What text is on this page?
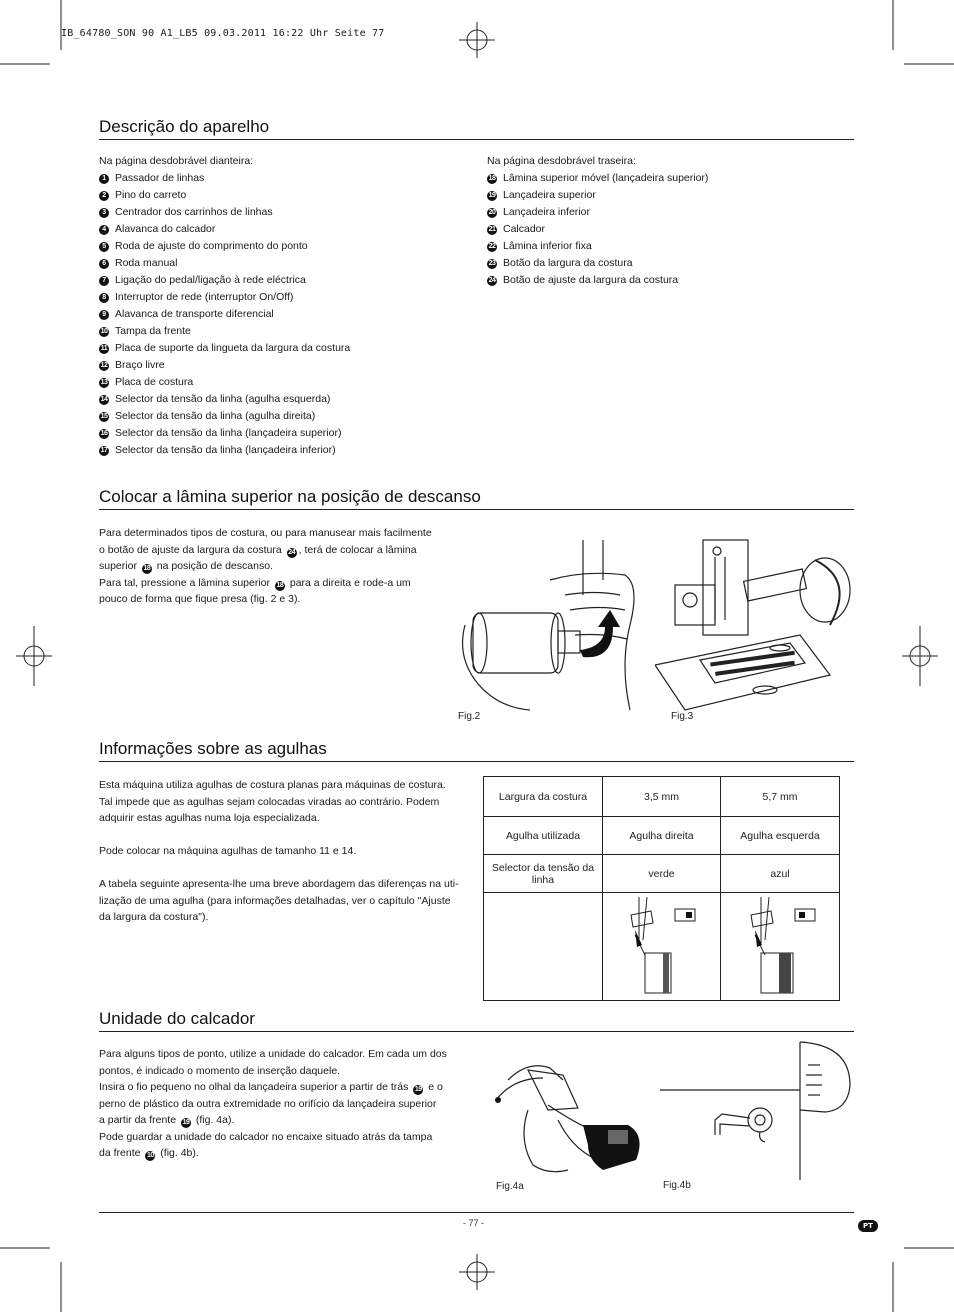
IB_64780_SON 90 A1_LB5 09.03.2011 16:22 Uhr Seite 77
Descrição do aparelho
Na página desdobrável dianteira:
1 Passador de linhas
2 Pino do carreto
3 Centrador dos carrinhos de linhas
4 Alavanca do calcador
5 Roda de ajuste do comprimento do ponto
6 Roda manual
7 Ligação do pedal/ligação à rede eléctrica
8 Interruptor de rede (interruptor On/Off)
9 Alavanca de transporte diferencial
10 Tampa da frente
11 Placa de suporte da lingueta da largura da costura
12 Braço livre
13 Placa de costura
14 Selector da tensão da linha (agulha esquerda)
15 Selector da tensão da linha (agulha direita)
16 Selector da tensão da linha (lançadeira superior)
17 Selector da tensão da linha (lançadeira inferior)
Na página desdobrável traseira:
18 Lâmina superior móvel (lançadeira superior)
19 Lançadeira superior
20 Lançadeira inferior
21 Calcador
22 Lâmina inferior fixa
23 Botão da largura da costura
24 Botão de ajuste da largura da costura
Colocar a lâmina superior na posição de descanso
Para determinados tipos de costura, ou para manusear mais facilmente
o botão de ajuste da largura da costura 24 , terá de colocar a lâmina
superior 18 na posição de descanso.
Para tal, pressione a lâmina superior 18 para a direita e rode-a um
pouco de forma que fique presa (fig. 2 e 3).
Fig.2	Fig.3
Informações sobre as agulhas
Esta máquina utiliza agulhas de costura planas para máquinas de costura.
Tal impede que as agulhas sejam colocadas viradas ao contrário. Podem
adquirir estas agulhas numa loja especializada.
Pode colocar na máquina agulhas de tamanho 11 e 14.
A tabela seguinte apresenta-lhe uma breve abordagem das diferenças na uti-
lização de uma agulha (para informações detalhadas, ver o capítulo "Ajuste
da largura da costura").
Largura da costura	3,5 mm	5,7 mm
Agulha utilizada	Agulha direita	Agulha esquerda
Selector da tensão da linha	verde	azul

Unidade do calcador
Para alguns tipos de ponto, utilize a unidade do calcador. Em cada um dos
pontos, é indicado o momento de inserção daquele.
Insira o fio pequeno no olhal da lançadeira superior a partir de trás 19 e o
perno de plástico da outra extremidade no orifício da lançadeira superior
a partir da frente 19 (fig. 4a).
Pode guardar a unidade do calcador no encaixe situado atrás da tampa
da frente 10 (fig. 4b).
Fig.4a	Fig.4b
- 77 -	PT
